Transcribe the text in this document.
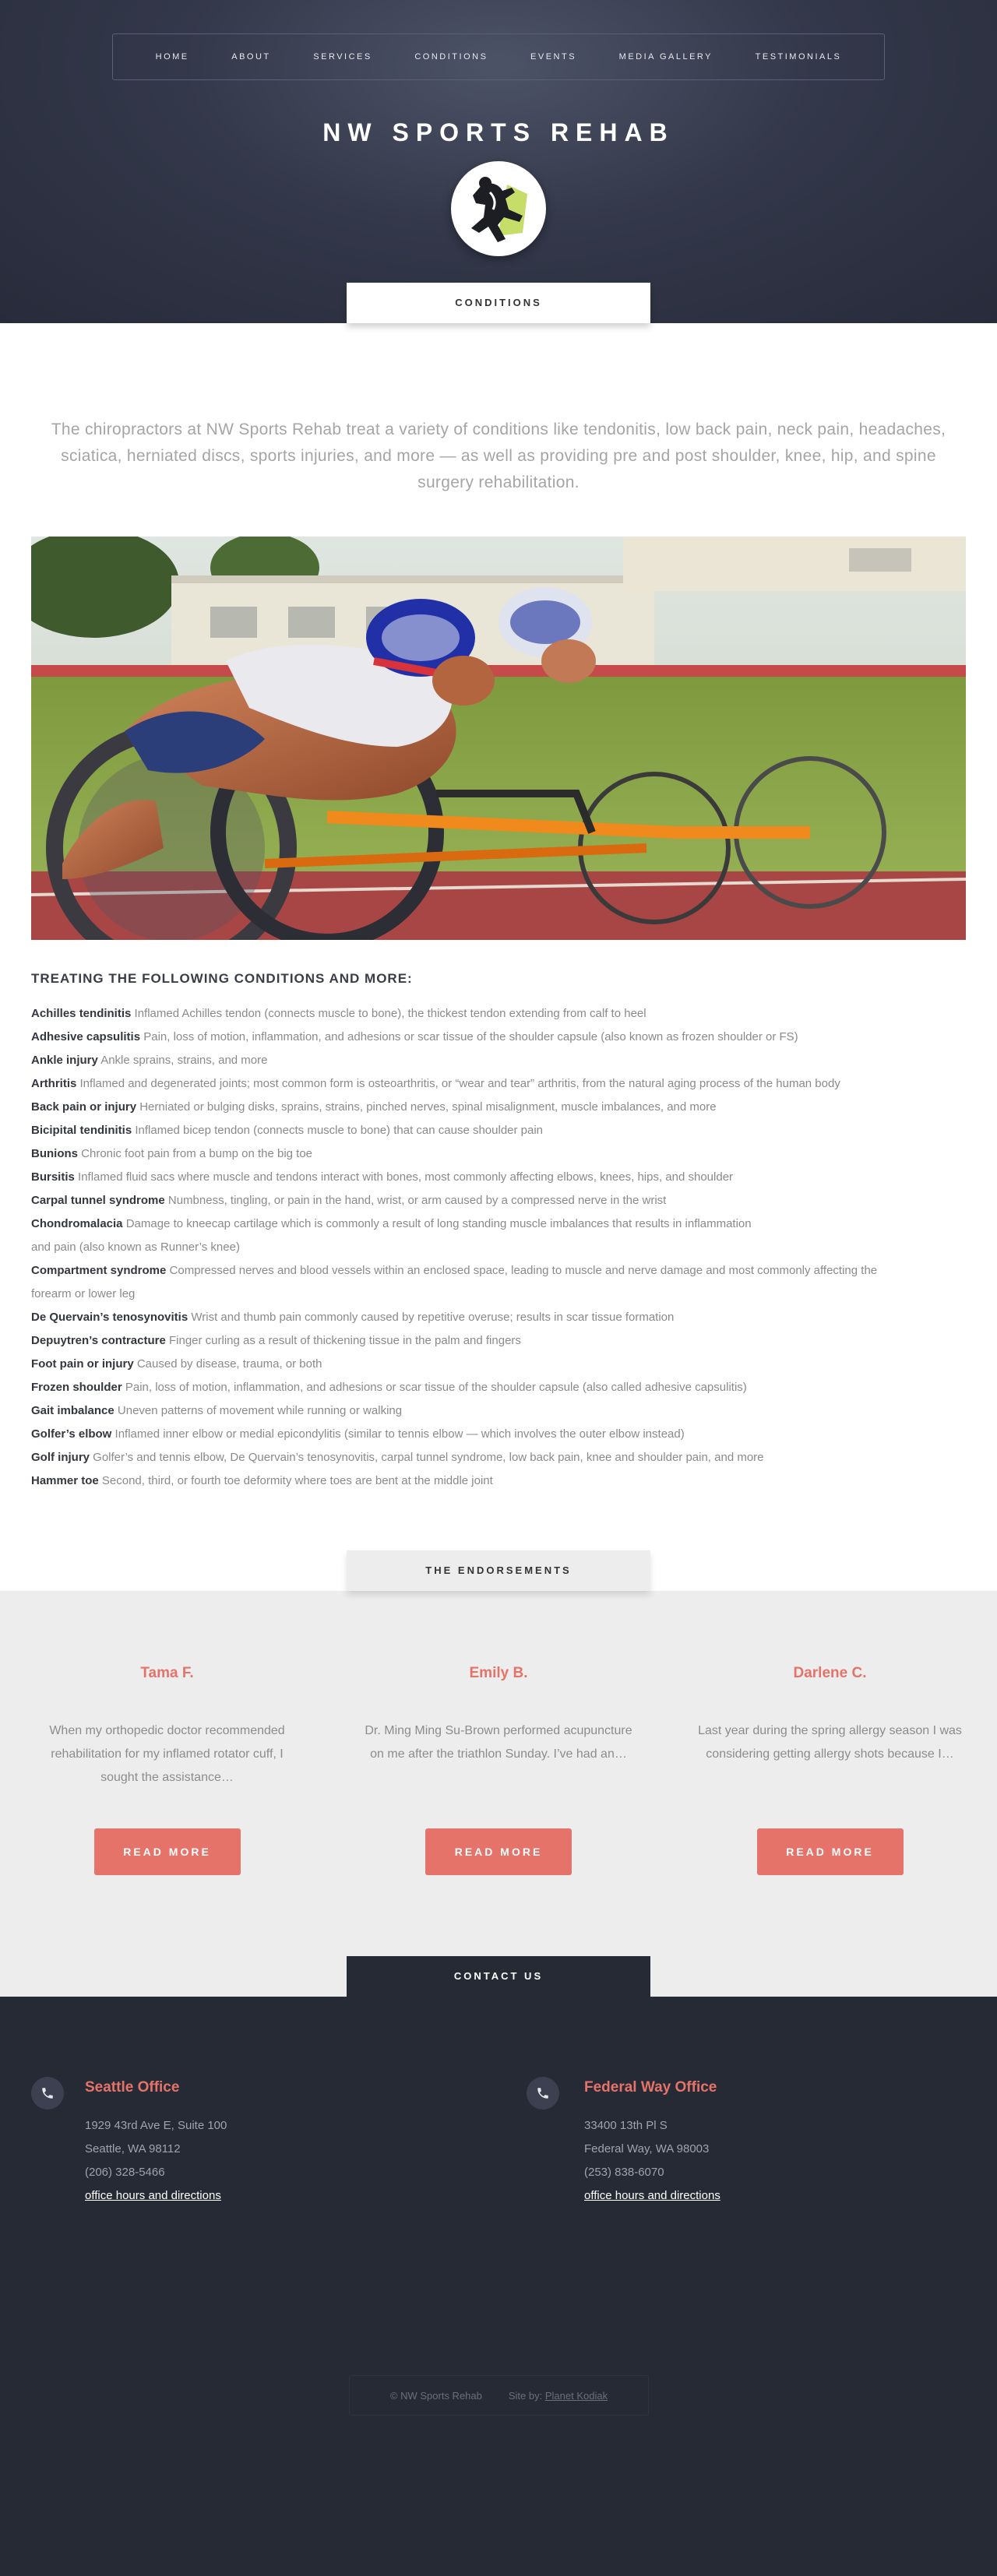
HOME	ABOUT	SERVICES	CONDITIONS	EVENTS	MEDIA GALLERY	TESTIMONIALS
NW SPORTS REHAB
CONDITIONS

The chiropractors at NW Sports Rehab treat a variety of conditions like tendonitis, low back pain, neck pain, headaches, sciatica, herniated discs, sports injuries, and more — as well as providing pre and post shoulder, knee, hip, and spine surgery rehabilitation.

TREATING THE FOLLOWING CONDITIONS AND MORE:
Achilles tendinitis Inflamed Achilles tendon (connects muscle to bone), the thickest tendon extending from calf to heel
Adhesive capsulitis Pain, loss of motion, inflammation, and adhesions or scar tissue of the shoulder capsule (also known as frozen shoulder or FS)
Ankle injury Ankle sprains, strains, and more
Arthritis Inflamed and degenerated joints; most common form is osteoarthritis, or “wear and tear” arthritis, from the natural aging process of the human body
Back pain or injury Herniated or bulging disks, sprains, strains, pinched nerves, spinal misalignment, muscle imbalances, and more
Bicipital tendinitis Inflamed bicep tendon (connects muscle to bone) that can cause shoulder pain
Bunions Chronic foot pain from a bump on the big toe
Bursitis Inflamed fluid sacs where muscle and tendons interact with bones, most commonly affecting elbows, knees, hips, and shoulder
Carpal tunnel syndrome Numbness, tingling, or pain in the hand, wrist, or arm caused by a compressed nerve in the wrist
Chondromalacia Damage to kneecap cartilage which is commonly a result of long standing muscle imbalances that results in inflammation and pain (also known as Runner’s knee)
Compartment syndrome Compressed nerves and blood vessels within an enclosed space, leading to muscle and nerve damage and most commonly affecting the forearm or lower leg
De Quervain’s tenosynovitis Wrist and thumb pain commonly caused by repetitive overuse; results in scar tissue formation
Depuytren’s contracture Finger curling as a result of thickening tissue in the palm and fingers
Foot pain or injury Caused by disease, trauma, or both
Frozen shoulder Pain, loss of motion, inflammation, and adhesions or scar tissue of the shoulder capsule (also called adhesive capsulitis)
Gait imbalance Uneven patterns of movement while running or walking
Golfer’s elbow Inflamed inner elbow or medial epicondylitis (similar to tennis elbow — which involves the outer elbow instead)
Golf injury Golfer’s and tennis elbow, De Quervain’s tenosynovitis, carpal tunnel syndrome, low back pain, knee and shoulder pain, and more
Hammer toe Second, third, or fourth toe deformity where toes are bent at the middle joint
THE ENDORSEMENTS
Tama F.

When my orthopedic doctor recommended rehabilitation for my inflamed rotator cuff, I sought the assistance…

READ MORE
Emily B.

Dr. Ming Ming Su-Brown performed acupuncture on me after the triathlon Sunday. I’ve had an…

READ MORE
Darlene C.

Last year during the spring allergy season I was considering getting allergy shots because I…

READ MORE
CONTACT US
Seattle Office
1929 43rd Ave E, Suite 100
Seattle, WA 98112
(206) 328-5466
office hours and directions
Federal Way Office
33400 13th Pl S
Federal Way, WA 98003
(253) 838-6070
office hours and directions
© NW Sports Rehab	Site by: Planet Kodiak
